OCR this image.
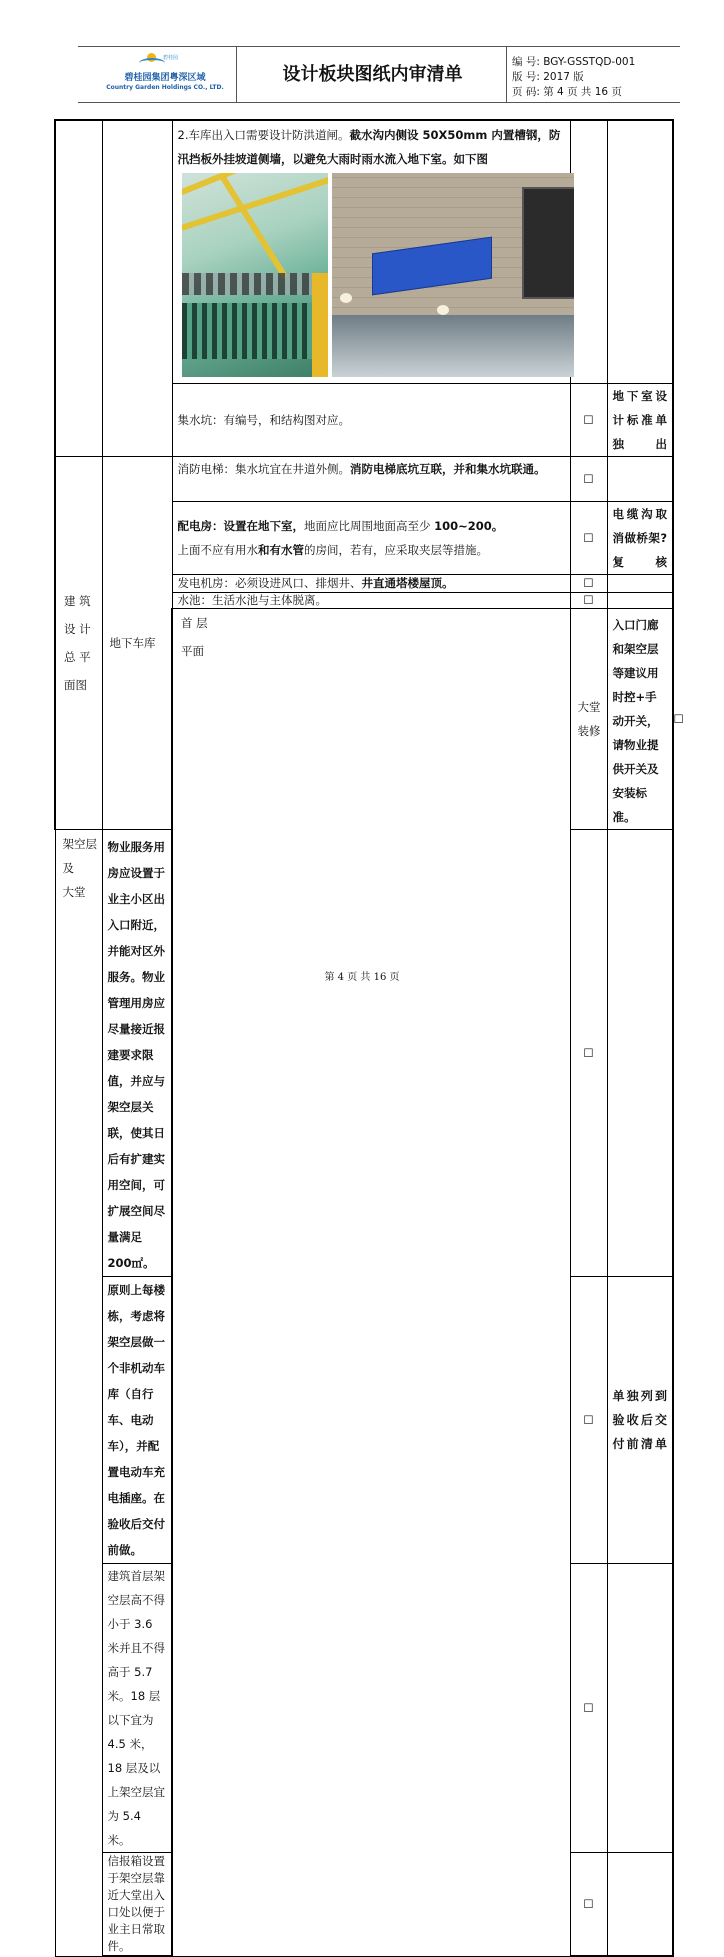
碧桂园
碧桂园集团粤深区域
Country Garden Holdings CO., LTD.
设计板块图纸内审清单
编 号: BGY-GSSTQD-001
版 号: 2017 版
页 码: 第 4 页 共 16 页

		2.车库出入口需要设计防洪道闸。截水沟内侧设 50X50mm 内置槽钢，防汛挡板外挂坡道侧墙，以避免大雨时雨水流入地下室。如下图			

		集水坑：有编号，和结构图对应。	☐	地下室设计标准单独出	

建 筑
设 计
总 平
面图	地下车库	消防电梯：集水坑宜在井道外侧。消防电梯底坑互联，并和集水坑联通。	☐		

		配电房：设置在地下室，地面应比周围地面高至少 100~200。
上面不应有用水和有水管的房间，若有，应采取夹层等措施。	☐	电缆沟取消做桥架? 复核	
		发电机房：必须设进风口、排烟井、井直通塔楼屋顶。	☐		
		水池：生活水池与主体脱离。	☐		

		首 层
平面	大堂装修	入口门廊和架空层等建议用时控+手动开关，请物业提供开关及安装标准。	☐	

架空层及
大堂	物业服务用房应设置于业主小区出入口附近，并能对区外服务。物业管理用房应尽量接近报建要求限值，并应与架空层关联，使其日后有扩建实用空间，可扩展空间尽量满足 200㎡。		☐		
	原则上每楼栋，考虑将架空层做一个非机动车库（自行车、电动车），并配置电动车充电插座。在验收后交付前做。		☐	单独列到验收后交付前清单	
	建筑首层架空层高不得小于 3.6 米并且不得高于 5.7 米。18 层以下宜为 4.5 米，18 层及以上架空层宜为 5.4 米。		☐		
	信报箱设置于架空层靠近大堂出入口处以便于业主日常取件。		☐		
第 4 页 共 16 页
